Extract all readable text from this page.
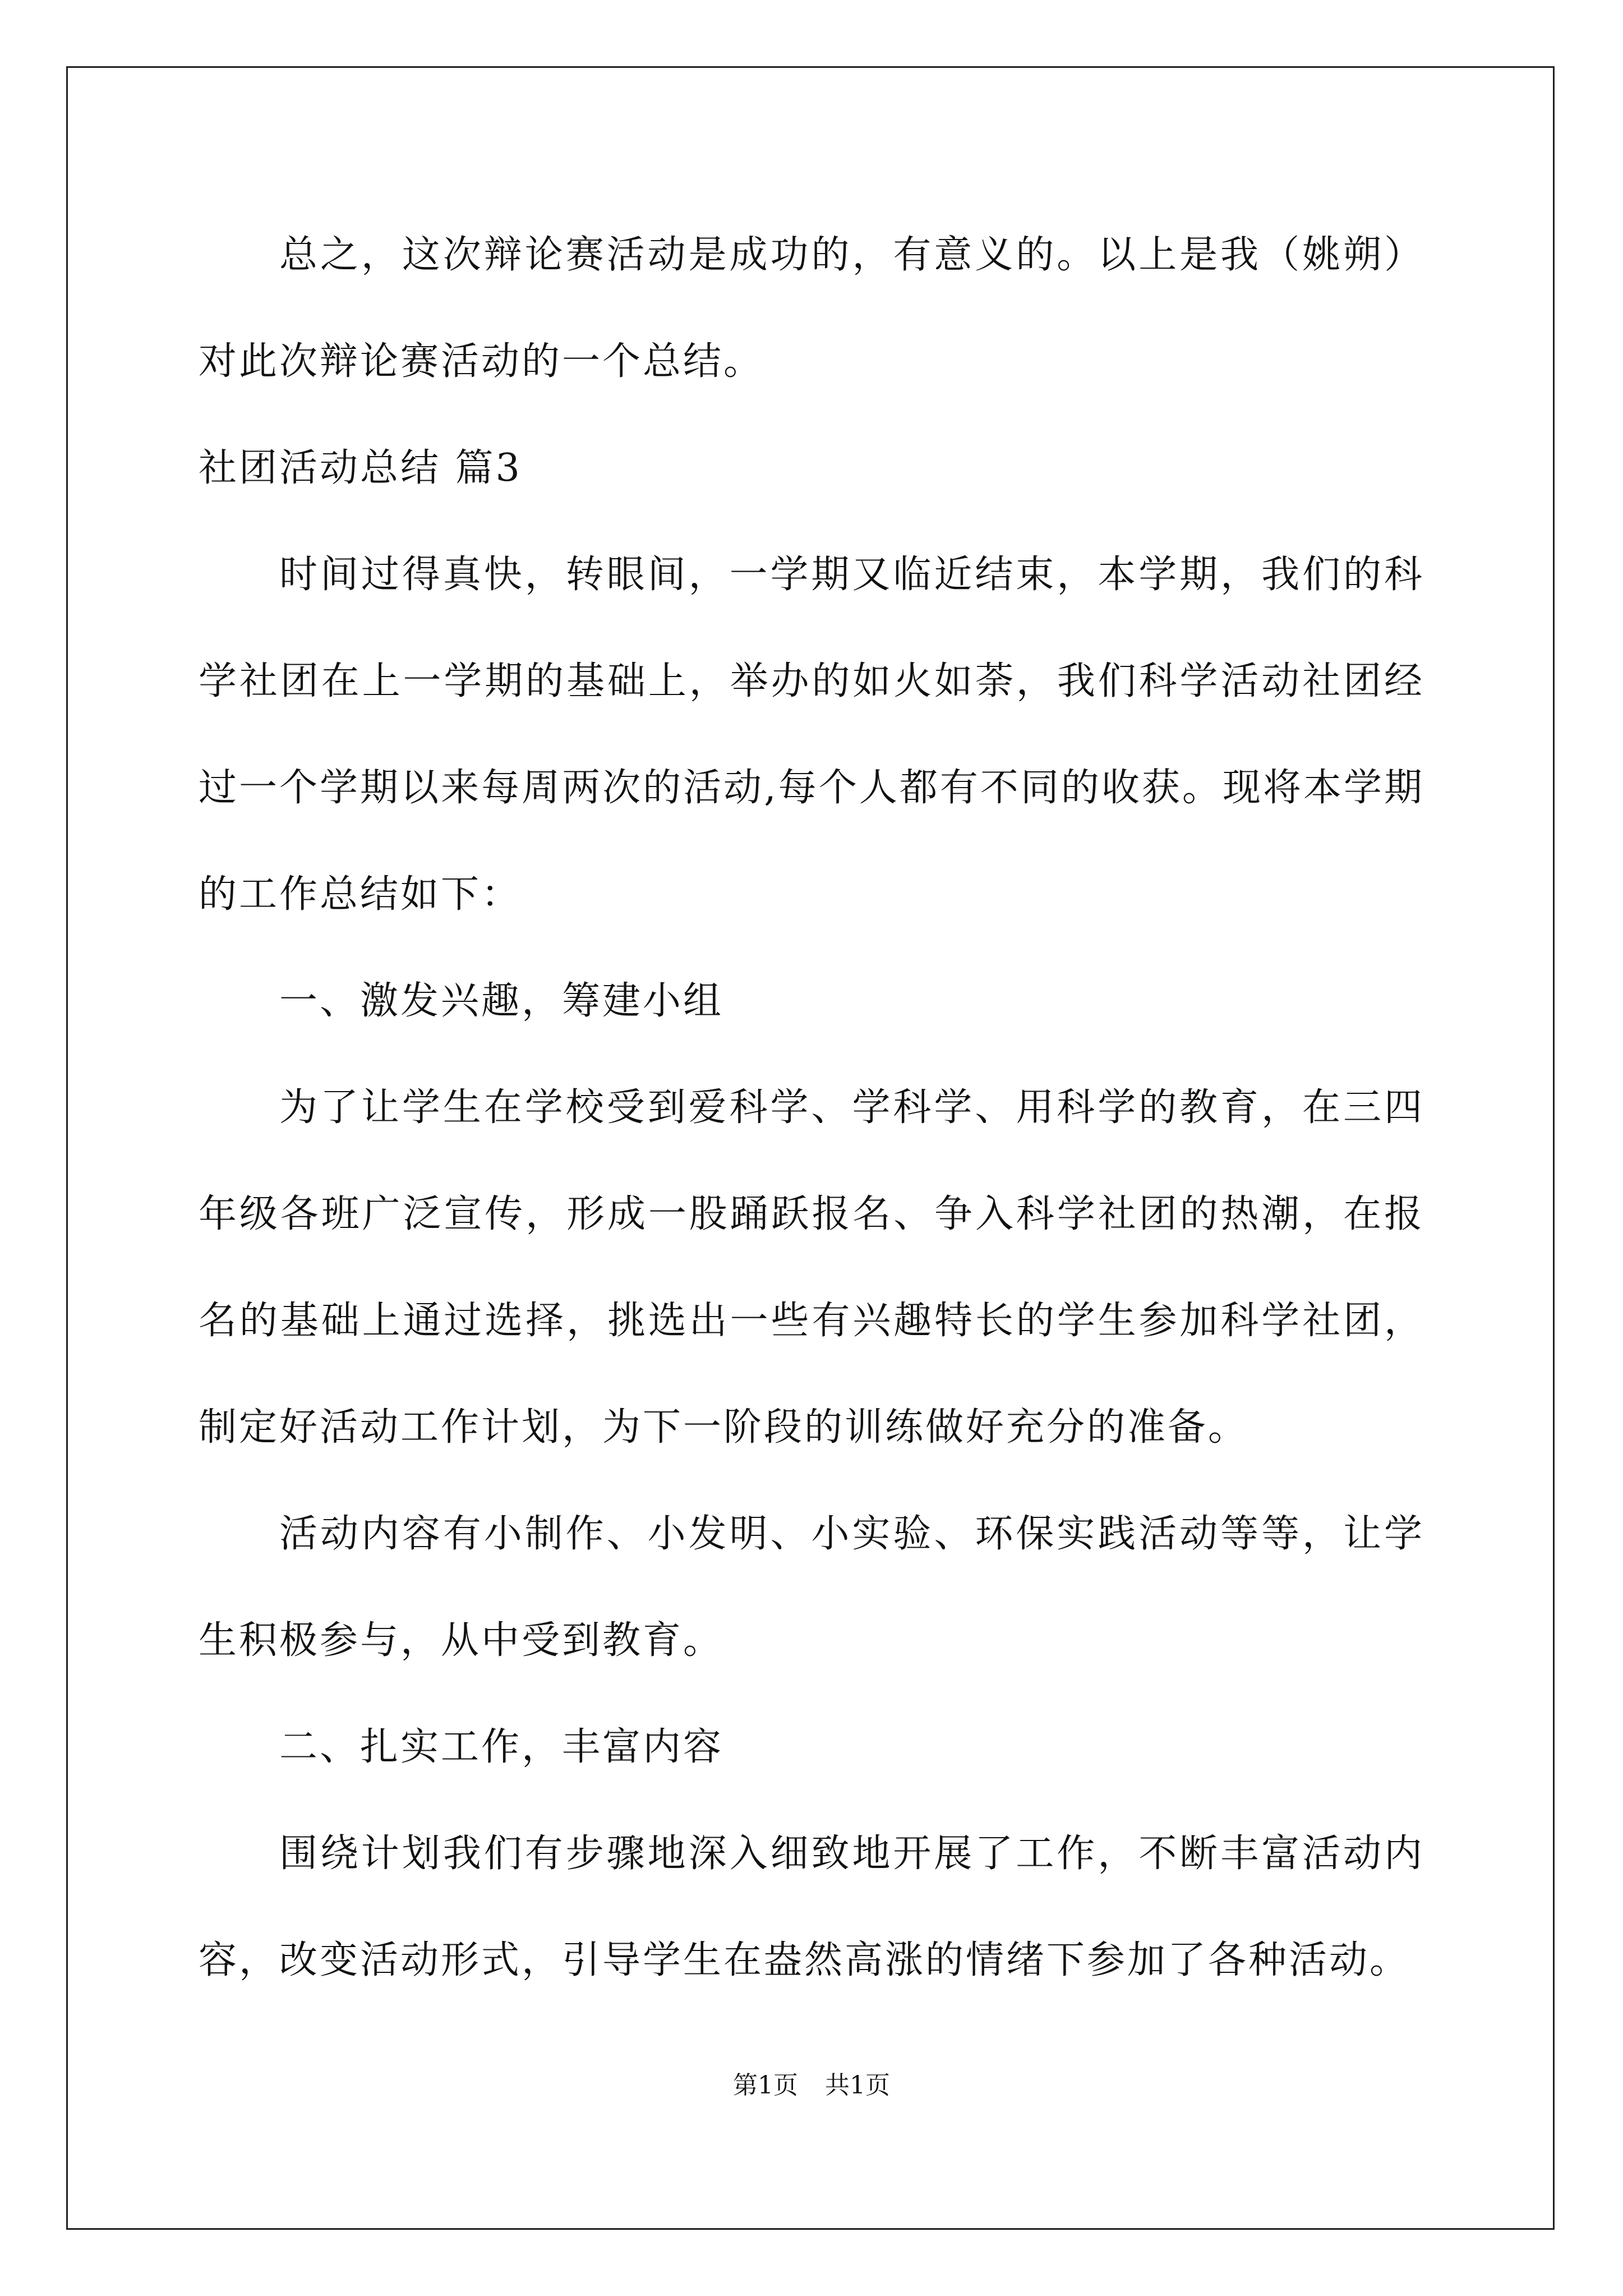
总之，这次辩论赛活动是成功的，有意义的。以上是我（姚朔）对此次辩论赛活动的一个总结。

社团活动总结 篇3

时间过得真快，转眼间，一学期又临近结束，本学期，我们的科学社团在上一学期的基础上，举办的如火如荼，我们科学活动社团经过一个学期以来每周两次的活动,每个人都有不同的收获。现将本学期的工作总结如下：

一、激发兴趣，筹建小组

为了让学生在学校受到爱科学、学科学、用科学的教育，在三四年级各班广泛宣传，形成一股踊跃报名、争入科学社团的热潮，在报名的基础上通过选择，挑选出一些有兴趣特长的学生参加科学社团，制定好活动工作计划，为下一阶段的训练做好充分的准备。

活动内容有小制作、小发明、小实验、环保实践活动等等，让学生积极参与，从中受到教育。

二、扎实工作，丰富内容

围绕计划我们有步骤地深入细致地开展了工作，不断丰富活动内容，改变活动形式，引导学生在盎然高涨的情绪下参加了各种活动。

第1页 共1页
